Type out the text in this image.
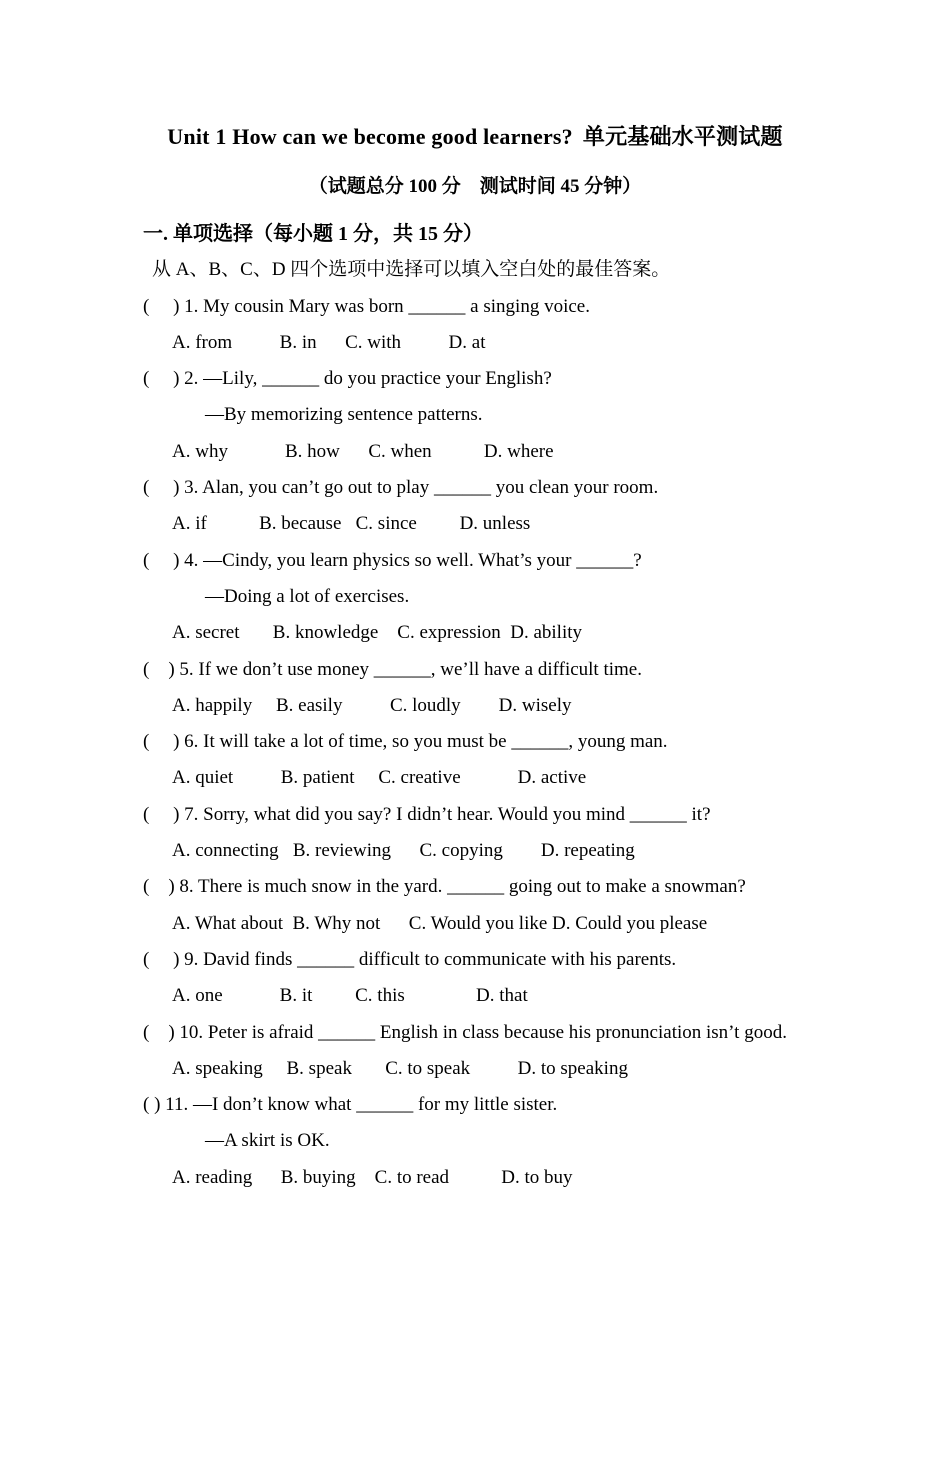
Unit 1 How can we become good learners? 单元基础水平测试题

（试题总分 100 分　测试时间 45 分钟）

一. 单项选择（每小题 1 分，共 15 分）
从 A、B、C、D 四个选项中选择可以填入空白处的最佳答案。
(     ) 1. My cousin Mary was born ______ a singing voice.
A. from          B. in      C. with          D. at
(     ) 2. —Lily, ______ do you practice your English?
—By memorizing sentence patterns.
A. why            B. how      C. when           D. where
(     ) 3. Alan, you can’t go out to play ______ you clean your room.
A. if           B. because   C. since         D. unless
(     ) 4. —Cindy, you learn physics so well. What’s your ______?
—Doing a lot of exercises.
A. secret       B. knowledge    C. expression  D. ability
(    ) 5. If we don’t use money ______, we’ll have a difficult time.
A. happily     B. easily          C. loudly        D. wisely
(     ) 6. It will take a lot of time, so you must be ______, young man.
A. quiet          B. patient     C. creative            D. active
(     ) 7. Sorry, what did you say? I didn’t hear. Would you mind ______ it?
A. connecting   B. reviewing      C. copying        D. repeating
(    ) 8. There is much snow in the yard. ______ going out to make a snowman?
A. What about  B. Why not      C. Would you like D. Could you please
(     ) 9. David finds ______ difficult to communicate with his parents.
A. one            B. it         C. this               D. that
(    ) 10. Peter is afraid ______ English in class because his pronunciation isn’t good.
A. speaking     B. speak       C. to speak          D. to speaking
( ) 11. —I don’t know what ______ for my little sister.
—A skirt is OK.
A. reading      B. buying    C. to read           D. to buy
